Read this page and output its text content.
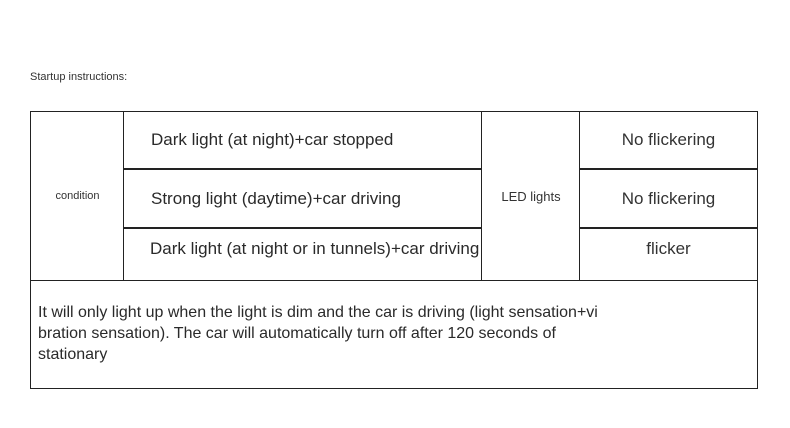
Startup instructions:
condition
Dark light (at night)+car stopped
Strong light (daytime)+car driving
Dark light (at night or in tunnels)+car driving
LED lights
No flickering
No flickering
flicker
It will only light up when the light is dim and the car is driving (light sensation+vi
bration sensation). The car will automatically turn off after 120 seconds of
stationary
